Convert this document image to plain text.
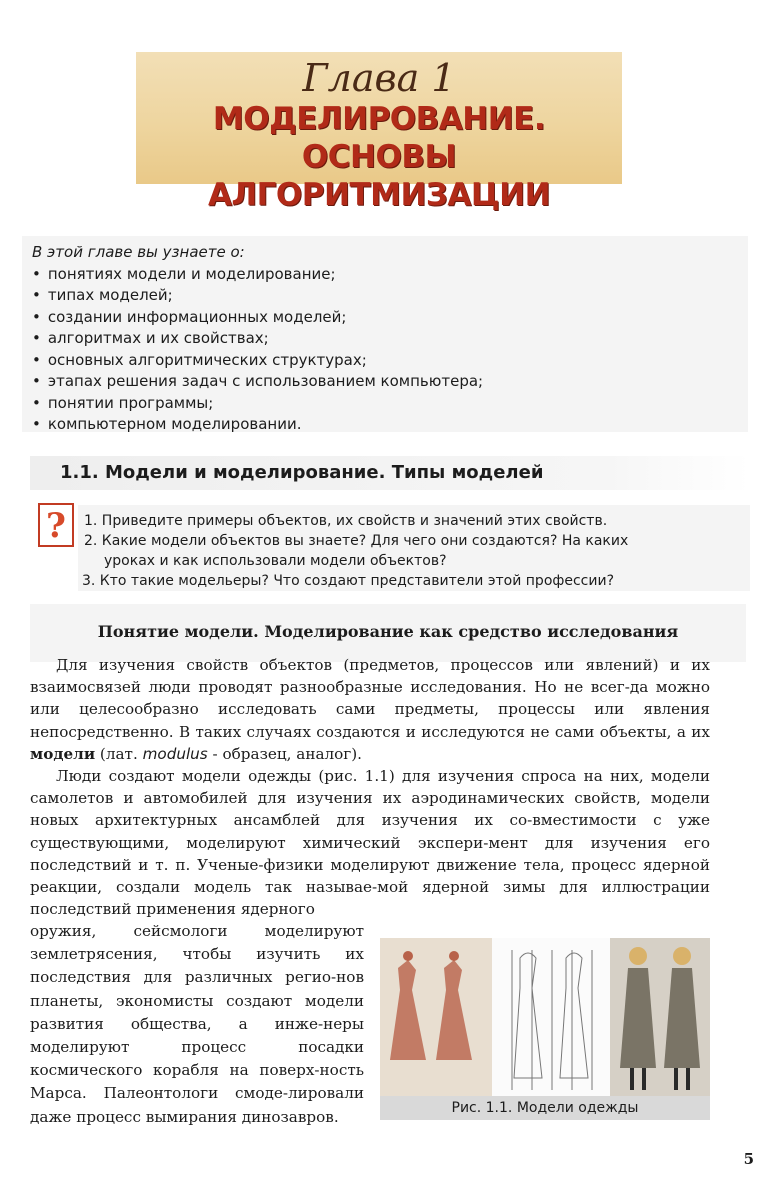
Глава 1
МОДЕЛИРОВАНИЕ.
ОСНОВЫ АЛГОРИТМИЗАЦИИ
В этой главе вы узнаете о:
• понятиях модели и моделирование;
• типах моделей;
• создании информационных моделей;
• алгоритмах и их свойствах;
• основных алгоритмических структурах;
• этапах решения задач с использованием компьютера;
• понятии программы;
• компьютерном моделировании.
1.1. Модели и моделирование. Типы моделей
?	1. Приведите примеры объектов, их свойств и значений этих свойств.
2. Какие модели объектов вы знаете? Для чего они создаются? На каких
уроках и как использовали модели объектов?
3. Кто такие модельеры? Что создают представители этой профессии?
Понятие модели. Моделирование как средство исследования

Для изучения свойств объектов (предметов, процессов или явлений) и их взаимосвязей люди проводят разнообразные исследования. Но не всег-да можно или целесообразно исследовать сами предметы, процессы или явления непосредственно. В таких случаях создаются и исследуются не сами объекты, а их модели (лат. modulus - образец, аналог).

Люди создают модели одежды (рис. 1.1) для изучения спроса на них, модели самолетов и автомобилей для изучения их аэродинамических свойств, модели новых архитектурных ансамблей для изучения их со-вместимости с уже существующими, моделируют химический экспери-мент для изучения его последствий и т. п. Ученые-физики моделируют движение тела, процесс ядерной реакции, создали модель так называе-мой ядерной зимы для иллюстрации последствий применения ядерного

оружия, сейсмологи моделируют землетрясения, чтобы изучить их последствия для различных регио-нов планеты, экономисты создают модели развития общества, а инже-неры моделируют процесс посадки космического корабля на поверх-ность Марса. Палеонтологи смоде-лировали даже процесс вымирания динозавров.	Рис. 1.1. Модели одежды
5
